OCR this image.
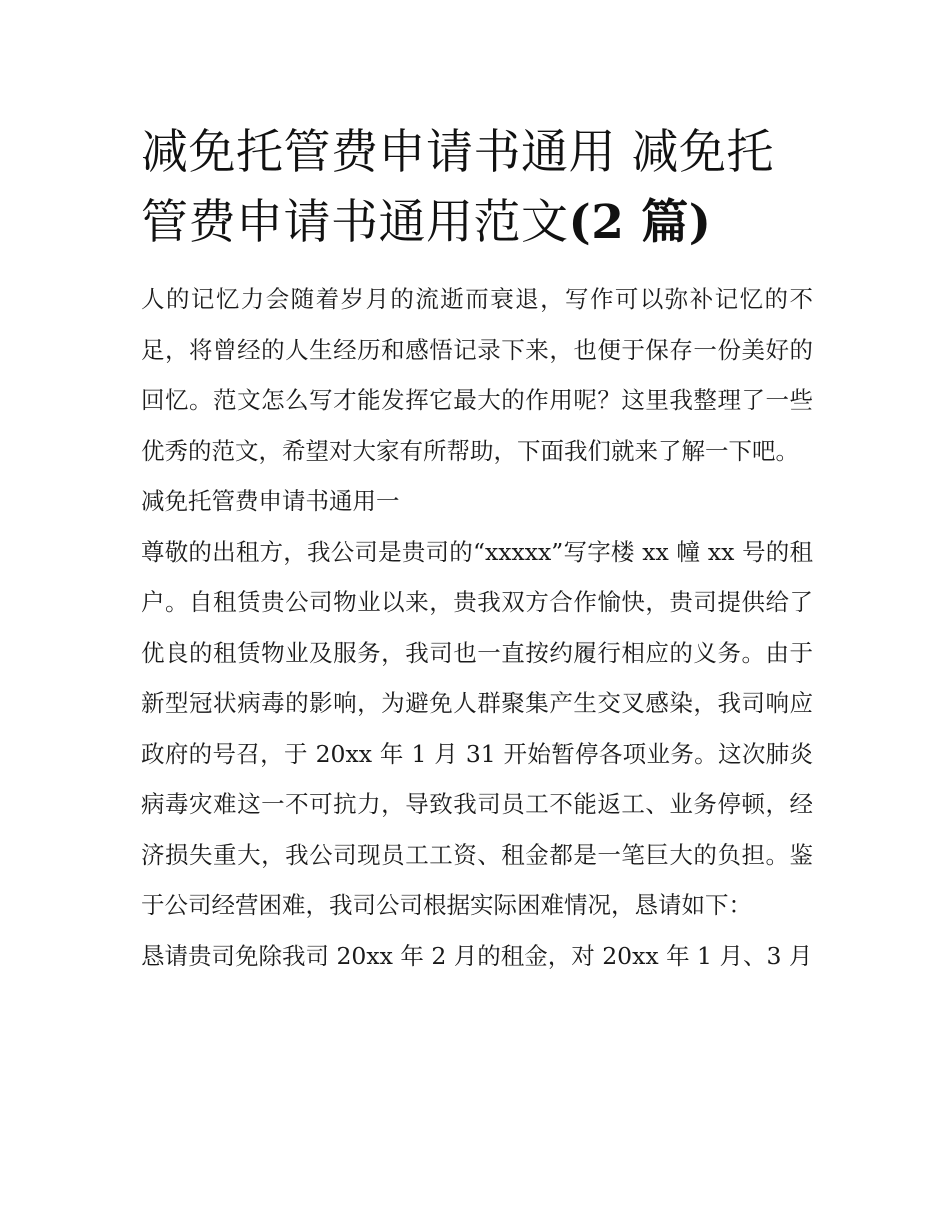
减免托管费申请书通用 减免托管费申请书通用范文(2 篇)

人的记忆力会随着岁月的流逝而衰退，写作可以弥补记忆的不足，将曾经的人生经历和感悟记录下来，也便于保存一份美好的回忆。范文怎么写才能发挥它最大的作用呢？这里我整理了一些优秀的范文，希望对大家有所帮助，下面我们就来了解一下吧。

减免托管费申请书通用一

尊敬的出租方，我公司是贵司的“xxxxx”写字楼 xx 幢 xx 号的租户。自租赁贵公司物业以来，贵我双方合作愉快，贵司提供给了优良的租赁物业及服务，我司也一直按约履行相应的义务。由于新型冠状病毒的影响，为避免人群聚集产生交叉感染，我司响应政府的号召，于 20xx 年 1 月 31 开始暂停各项业务。这次肺炎病毒灾难这一不可抗力，导致我司员工不能返工、业务停顿，经济损失重大，我公司现员工工资、租金都是一笔巨大的负担。鉴于公司经营困难，我司公司根据实际困难情况，恳请如下：

恳请贵司免除我司 20xx 年 2 月的租金，对 20xx 年 1 月、3 月
